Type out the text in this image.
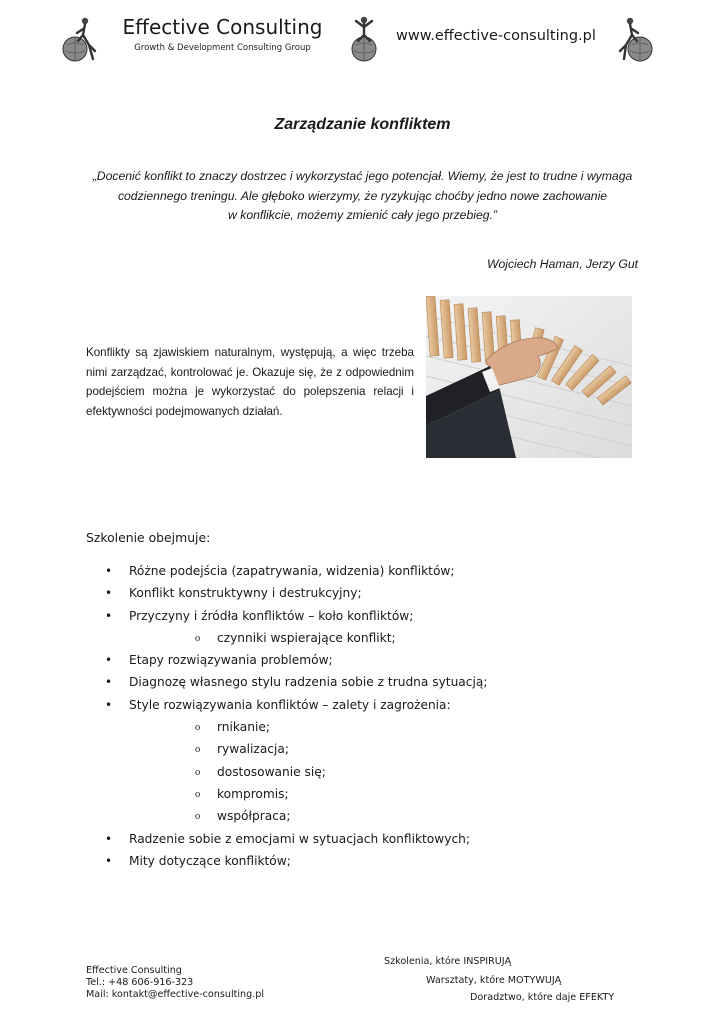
Effective Consulting
Growth & Development Consulting Group
www.effective-consulting.pl
Zarządzanie konfliktem

„Docenić konflikt to znaczy dostrzec i wykorzystać jego potencjał. Wiemy, że jest to trudne i wymaga

codziennego treningu. Ale głęboko wierzymy, że ryzykując choćby jedno nowe zachowanie

w konflikcie, możemy zmienić cały jego przebieg.”

Wojciech Haman, Jerzy Gut
Konflikty są zjawiskiem naturalnym, występują, a więc trzeba nimi zarządzać, kontrolować je. Okazuje się, że z odpowiednim podejściem można je wykorzystać do polepszenia relacji i efektywności podejmowanych działań.
Szkolenie obejmuje:
• Różne podejścia (zapatrywania, widzenia) konfliktów;
• Konflikt konstruktywny i destrukcyjny;
• Przyczyny i źródła konfliktów – koło konfliktów;
o czynniki wspierające konflikt;
• Etapy rozwiązywania problemów;
• Diagnozę własnego stylu radzenia sobie z trudna sytuacją;
• Style rozwiązywania konfliktów – zalety i zagrożenia:
o rnikanie;
o rywalizacja;
o dostosowanie się;
o kompromis;
o współpraca;
• Radzenie sobie z emocjami w sytuacjach konfliktowych;
• Mity dotyczące konfliktów;
Effective Consulting
Tel.: +48 606-916-323
Mail: kontakt@effective-consulting.pl
Szkolenia, które INSPIRUJĄ
Warsztaty, które MOTYWUJĄ
Doradztwo, które daje EFEKTY
